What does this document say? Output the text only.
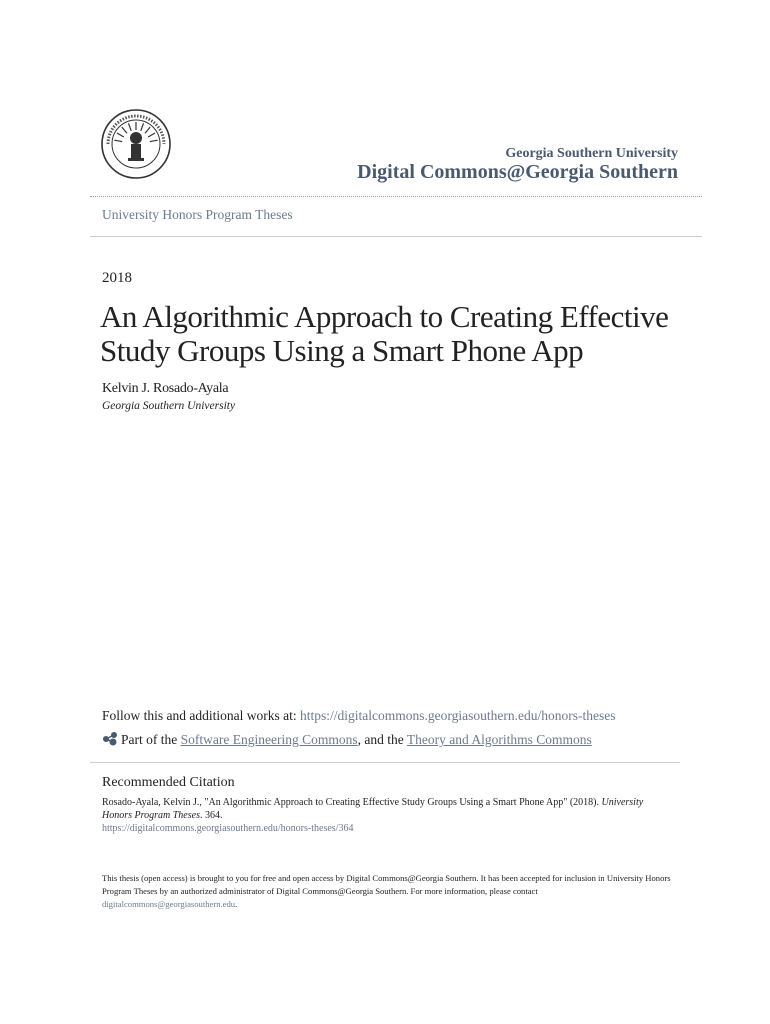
Georgia Southern University
Digital Commons@Georgia Southern
University Honors Program Theses
2018
An Algorithmic Approach to Creating Effective
Study Groups Using a Smart Phone App
Kelvin J. Rosado-Ayala
Georgia Southern University
Follow this and additional works at: https://digitalcommons.georgiasouthern.edu/honors-theses
Part of the Software Engineering Commons, and the Theory and Algorithms Commons
Recommended Citation
Rosado-Ayala, Kelvin J., "An Algorithmic Approach to Creating Effective Study Groups Using a Smart Phone App" (2018). University Honors Program Theses. 364.
https://digitalcommons.georgiasouthern.edu/honors-theses/364
This thesis (open access) is brought to you for free and open access by Digital Commons@Georgia Southern. It has been accepted for inclusion in University Honors Program Theses by an authorized administrator of Digital Commons@Georgia Southern. For more information, please contact
digitalcommons@georgiasouthern.edu.
